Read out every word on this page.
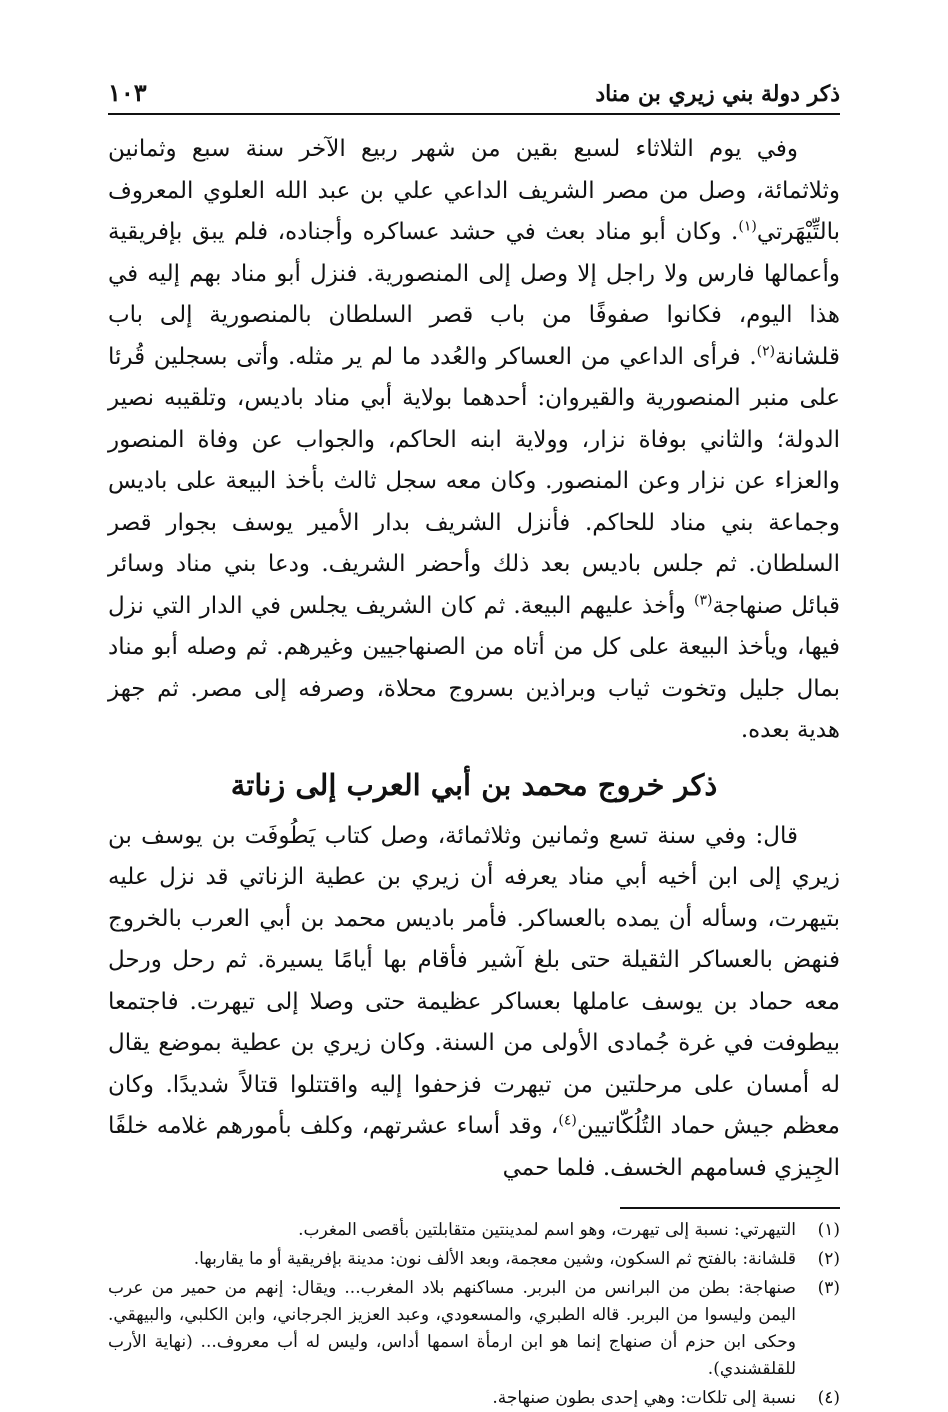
ذكر دولة بني زيري بن مناد
١٠٣

وفي يوم الثلاثاء لسبع بقين من شهر ربيع الآخر سنة سبع وثمانين وثلاثمائة، وصل من مصر الشريف الداعي علي بن عبد الله العلوي المعروف بالتِّيْهَرتي$^{(١)}$. وكان أبو مناد بعث في حشد عساكره وأجناده، فلم يبق بإفريقية وأعمالها فارس ولا راجل إلا وصل إلى المنصورية. فنزل أبو مناد بهم إليه في هذا اليوم، فكانوا صفوفًا من باب قصر السلطان بالمنصورية إلى باب قلشانة$^{(٢)}$. فرأى الداعي من العساكر والعُدد ما لم ير مثله. وأتى بسجلين قُرئا على منبر المنصورية والقيروان: أحدهما بولاية أبي مناد باديس، وتلقيبه نصير الدولة؛ والثاني بوفاة نزار، وولاية ابنه الحاكم، والجواب عن وفاة المنصور والعزاء عن نزار وعن المنصور. وكان معه سجل ثالث بأخذ البيعة على باديس وجماعة بني مناد للحاكم. فأنزل الشريف بدار الأمير يوسف بجوار قصر السلطان. ثم جلس باديس بعد ذلك وأحضر الشريف. ودعا بني مناد وسائر قبائل صنهاجة$^{(٣)}$ وأخذ عليهم البيعة. ثم كان الشريف يجلس في الدار التي نزل فيها، ويأخذ البيعة على كل من أتاه من الصنهاجيين وغيرهم. ثم وصله أبو مناد بمال جليل وتخوت ثياب وبراذين بسروج محلاة، وصرفه إلى مصر. ثم جهز هدية بعده.

ذكر خروج محمد بن أبي العرب إلى زناتة

قال: وفي سنة تسع وثمانين وثلاثمائة، وصل كتاب يَطُوفَت بن يوسف بن زيري إلى ابن أخيه أبي مناد يعرفه أن زيري بن عطية الزناتي قد نزل عليه بتيهرت، وسأله أن يمده بالعساكر. فأمر باديس محمد بن أبي العرب بالخروج فنهض بالعساكر الثقيلة حتى بلغ آشير فأقام بها أيامًا يسيرة. ثم رحل ورحل معه حماد بن يوسف عاملها بعساكر عظيمة حتى وصلا إلى تيهرت. فاجتمعا بيطوفت في غرة جُمادى الأولى من السنة. وكان زيري بن عطية بموضع يقال له أمسان على مرحلتين من تيهرت فزحفوا إليه واقتتلوا قتالاً شديدًا. وكان معظم جيش حماد التُلُكّاتيين$^{(٤)}$، وقد أساء عشرتهم، وكلف بأمورهم غلامه خلفًا الجِيزي فسامهم الخسف. فلما حمي

(١)
التيهرتي: نسبة إلى تيهرت، وهو اسم لمدينتين متقابلتين بأقصى المغرب.
(٢)
قلشانة: بالفتح ثم السكون، وشين معجمة، وبعد الألف نون: مدينة بإفريقية أو ما يقاربها.
(٣)
صنهاجة: بطن من البرانس من البربر. مساكنهم بلاد المغرب... ويقال: إنهم من حمير من عرب اليمن وليسوا من البربر. قاله الطبري، والمسعودي، وعبد العزيز الجرجاني، وابن الكلبي، والبيهقي. وحكى ابن حزم أن صنهاج إنما هو ابن ارمأة اسمها أداس، وليس له أب معروف... (نهاية الأرب للقلقشندي).
(٤)
نسبة إلى تلكات: وهي إحدى بطون صنهاجة.
